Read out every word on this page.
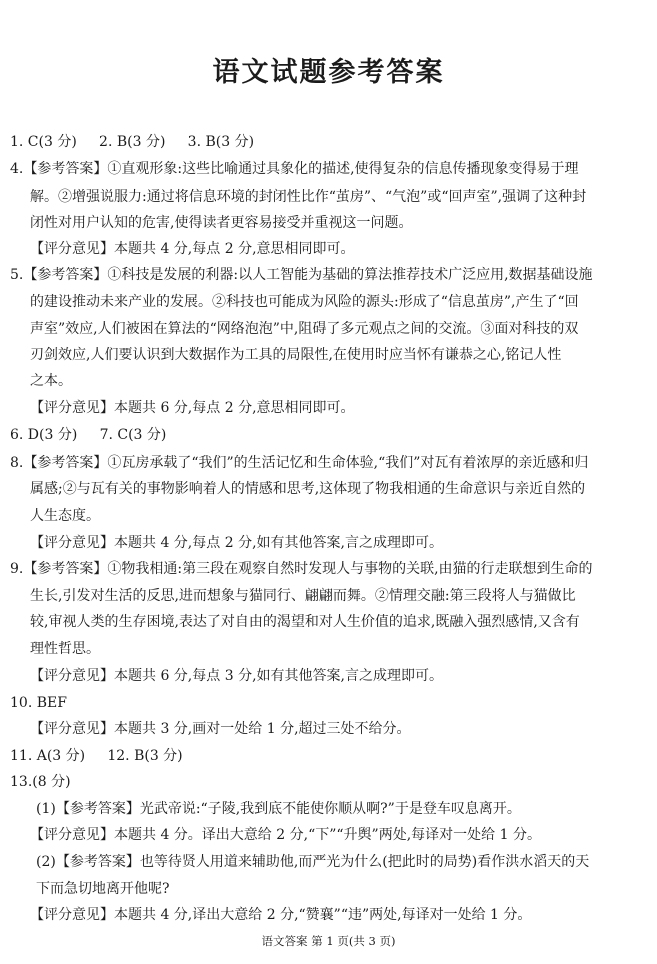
语文试题参考答案
1. C(3 分)     2. B(3 分)     3. B(3 分)
4.【参考答案】①直观形象:这些比喻通过具象化的描述,使得复杂的信息传播现象变得易于理
解。②增强说服力:通过将信息环境的封闭性比作“茧房”、“气泡”或“回声室”,强调了这种封
闭性对用户认知的危害,使得读者更容易接受并重视这一问题。
【评分意见】本题共 4 分,每点 2 分,意思相同即可。
5.【参考答案】①科技是发展的利器:以人工智能为基础的算法推荐技术广泛应用,数据基础设施
的建设推动未来产业的发展。②科技也可能成为风险的源头:形成了“信息茧房”,产生了“回
声室”效应,人们被困在算法的“网络泡泡”中,阻碍了多元观点之间的交流。③面对科技的双
刃剑效应,人们要认识到大数据作为工具的局限性,在使用时应当怀有谦恭之心,铭记人性
之本。
【评分意见】本题共 6 分,每点 2 分,意思相同即可。
6. D(3 分)     7. C(3 分)
8.【参考答案】①瓦房承载了“我们”的生活记忆和生命体验,“我们”对瓦有着浓厚的亲近感和归
属感;②与瓦有关的事物影响着人的情感和思考,这体现了物我相通的生命意识与亲近自然的
人生态度。
【评分意见】本题共 4 分,每点 2 分,如有其他答案,言之成理即可。
9.【参考答案】①物我相通:第三段在观察自然时发现人与事物的关联,由猫的行走联想到生命的
生长,引发对生活的反思,进而想象与猫同行、翩翩而舞。②情理交融:第三段将人与猫做比
较,审视人类的生存困境,表达了对自由的渴望和对人生价值的追求,既融入强烈感情,又含有
理性哲思。
【评分意见】本题共 6 分,每点 3 分,如有其他答案,言之成理即可。
10. BEF
【评分意见】本题共 3 分,画对一处给 1 分,超过三处不给分。
11. A(3 分)     12. B(3 分)
13.(8 分)
(1)【参考答案】光武帝说:“子陵,我到底不能使你顺从啊?”于是登车叹息离开。
【评分意见】本题共 4 分。译出大意给 2 分,“下”“升舆”两处,每译对一处给 1 分。
(2)【参考答案】也等待贤人用道来辅助他,而严光为什么(把此时的局势)看作洪水滔天的天
下而急切地离开他呢?
【评分意见】本题共 4 分,译出大意给 2 分,“赞襄”“违”两处,每译对一处给 1 分。
语文答案 第 1 页(共 3 页)
